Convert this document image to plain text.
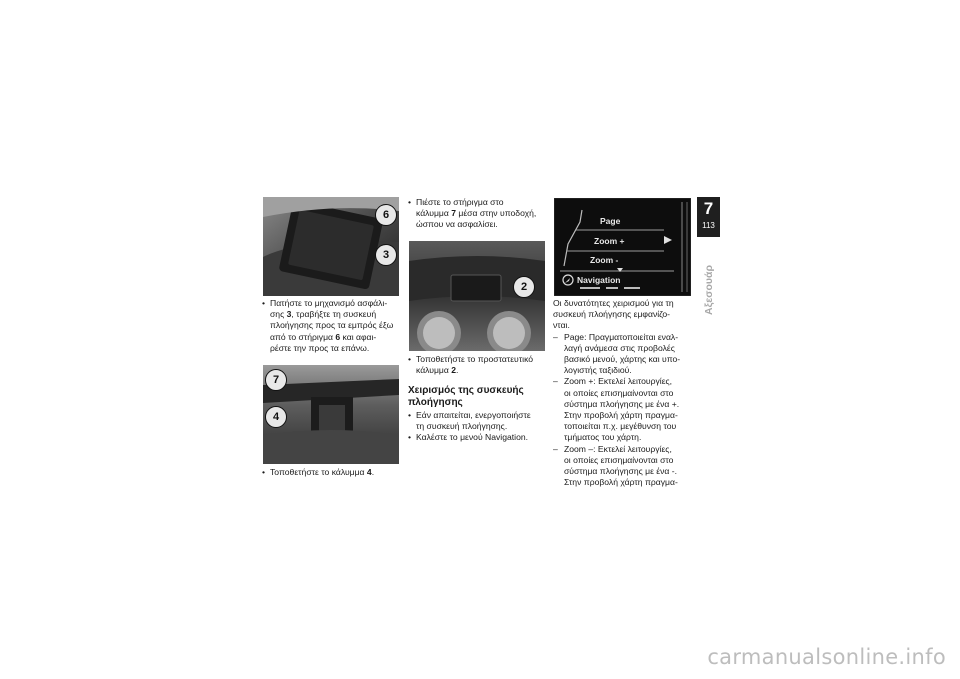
6
3

• Πατήστε το μηχανισμό ασφάλι-
σης 3, τραβήξτε τη συσκευή
πλοήγησης προς τα εμπρός έξω
από το στήριγμα 6 και αφαι-
ρέστε την προς τα επάνω.

7
4

• Τοποθετήστε το κάλυμμα 4.

• Πιέστε το στήριγμα στο
κάλυμμα 7 μέσα στην υποδοχή,
ώσπου να ασφαλίσει.

2

• Τοποθετήστε το προστατευτικό
κάλυμμα 2.

Χειρισμός της συσκευής
πλοήγησης

• Εάν απαιτείται, ενεργοποιήστε
τη συσκευή πλοήγησης.

• Καλέστε το μενού Navigation.

Page
Zoom +
Zoom -
Navigation
Οι δυνατότητες χειρισμού για τη
συσκευή πλοήγησης εμφανίζο-
νται.

– Page: Πραγματοποιείται εναλ-
λαγή ανάμεσα στις προβολές
βασικό μενού, χάρτης και υπο-
λογιστής ταξιδιού.

– Zoom +: Εκτελεί λειτουργίες,
οι οποίες επισημαίνονται στο
σύστημα πλοήγησης με ένα +.
Στην προβολή χάρτη πραγμα-
τοποιείται π.χ. μεγέθυνση του
τμήματος του χάρτη.

– Zoom –: Εκτελεί λειτουργίες,
οι οποίες επισημαίνονται στο
σύστημα πλοήγησης με ένα -.
Στην προβολή χάρτη πραγμα-

7
113
Αξεσουάρ
carmanualsonline.info
